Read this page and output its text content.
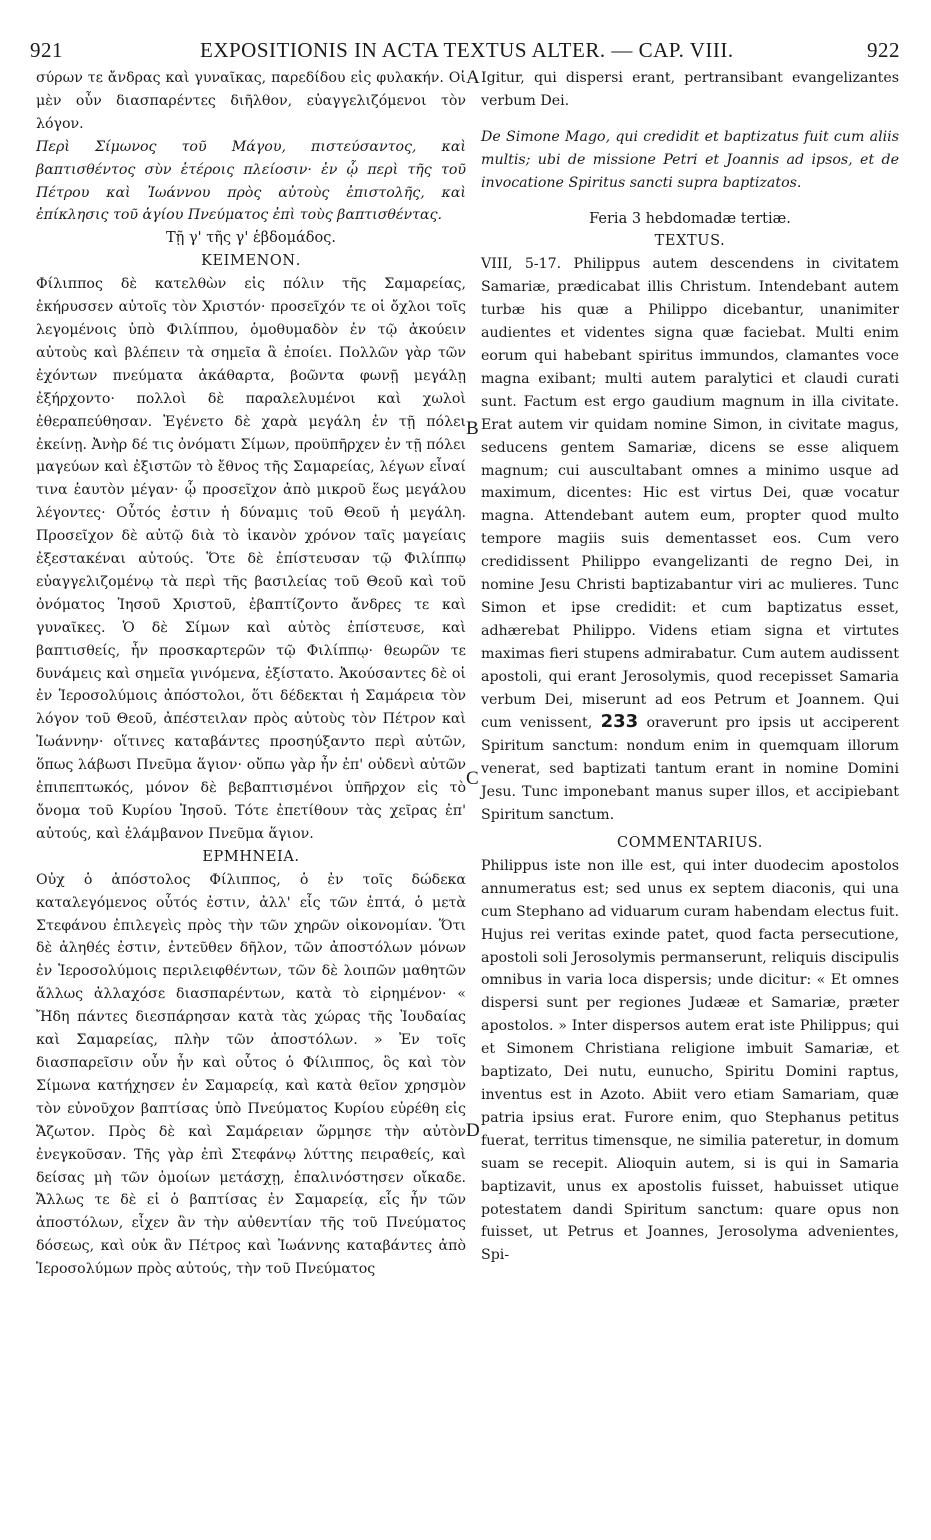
921	EXPOSITIONIS IN ACTA TEXTUS ALTER. — CAP. VIII.	922
A
B
C
D

σύρων τε ἄνδρας καὶ γυναῖκας, παρεδίδου εἰς φυλακήν. Οἱ μὲν οὖν διασπαρέντες διῆλθον, εὐαγγελιζόμενοι τὸν λόγον.

Περὶ Σίμωνος τοῦ Μάγου, πιστεύσαντος, καὶ βαπτισθέντος σὺν ἑτέροις πλείοσιν· ἐν ᾧ περὶ τῆς τοῦ Πέτρου καὶ Ἰωάννου πρὸς αὐτοὺς ἐπιστολῆς, καὶ ἐπίκλησις τοῦ ἁγίου Πνεύματος ἐπὶ τοὺς βαπτισθέντας.

Τῇ γ' τῆς γ' ἑβδομάδος.

ΚΕΙΜΕΝΟΝ.

Φίλιππος δὲ κατελθὼν εἰς πόλιν τῆς Σαμαρείας, ἐκήρυσσεν αὐτοῖς τὸν Χριστόν· προσεῖχόν τε οἱ ὄχλοι τοῖς λεγομένοις ὑπὸ Φιλίππου, ὁμοθυμαδὸν ἐν τῷ ἀκούειν αὐτοὺς καὶ βλέπειν τὰ σημεῖα ἃ ἐποίει. Πολλῶν γὰρ τῶν ἐχόντων πνεύματα ἀκάθαρτα, βοῶντα φωνῇ μεγάλῃ ἐξήρχοντο· πολλοὶ δὲ παραλελυμένοι καὶ χωλοὶ ἐθεραπεύθησαν. Ἐγένετο δὲ χαρὰ μεγάλη ἐν τῇ πόλει ἐκείνῃ. Ἀνὴρ δέ τις ὀνόματι Σίμων, προϋπῆρχεν ἐν τῇ πόλει μαγεύων καὶ ἐξιστῶν τὸ ἔθνος τῆς Σαμαρείας, λέγων εἶναί τινα ἑαυτὸν μέγαν· ᾧ προσεῖχον ἀπὸ μικροῦ ἕως μεγάλου λέγοντες· Οὗτός ἐστιν ἡ δύναμις τοῦ Θεοῦ ἡ μεγάλη. Προσεῖχον δὲ αὐτῷ διὰ τὸ ἱκανὸν χρόνον ταῖς μαγείαις ἐξεστακέναι αὐτούς. Ὅτε δὲ ἐπίστευσαν τῷ Φιλίππῳ εὐαγγελιζομένῳ τὰ περὶ τῆς βασιλείας τοῦ Θεοῦ καὶ τοῦ ὀνόματος Ἰησοῦ Χριστοῦ, ἐβαπτίζοντο ἄνδρες τε καὶ γυναῖκες. Ὁ δὲ Σίμων καὶ αὐτὸς ἐπίστευσε, καὶ βαπτισθείς, ἦν προσκαρτερῶν τῷ Φιλίππῳ· θεωρῶν τε δυνάμεις καὶ σημεῖα γινόμενα, ἐξίστατο. Ἀκούσαντες δὲ οἱ ἐν Ἱεροσολύμοις ἀπόστολοι, ὅτι δέδεκται ἡ Σαμάρεια τὸν λόγον τοῦ Θεοῦ, ἀπέστειλαν πρὸς αὐτοὺς τὸν Πέτρον καὶ Ἰωάννην· οἵτινες καταβάντες προσηύξαντο περὶ αὐτῶν, ὅπως λάβωσι Πνεῦμα ἅγιον· οὔπω γὰρ ἦν ἐπ' οὐδενὶ αὐτῶν ἐπιπεπτωκός, μόνον δὲ βεβαπτισμένοι ὑπῆρχον εἰς τὸ ὄνομα τοῦ Κυρίου Ἰησοῦ. Τότε ἐπετίθουν τὰς χεῖρας ἐπ' αὐτούς, καὶ ἐλάμβανον Πνεῦμα ἅγιον.

ΕΡΜΗΝΕΙΑ.

Οὐχ ὁ ἀπόστολος Φίλιππος, ὁ ἐν τοῖς δώδεκα καταλεγόμενος οὗτός ἐστιν, ἀλλ' εἷς τῶν ἑπτά, ὁ μετὰ Στεφάνου ἐπιλεγεὶς πρὸς τὴν τῶν χηρῶν οἰκονομίαν. Ὅτι δὲ ἀληθές ἐστιν, ἐντεῦθεν δῆλον, τῶν ἀποστόλων μόνων ἐν Ἱεροσολύμοις περιλειφθέντων, τῶν δὲ λοιπῶν μαθητῶν ἄλλως ἀλλαχόσε διασπαρέντων, κατὰ τὸ εἰρημένον· « Ἤδη πάντες διεσπάρησαν κατὰ τὰς χώρας τῆς Ἰουδαίας καὶ Σαμαρείας, πλὴν τῶν ἀποστόλων. » Ἐν τοῖς διασπαρεῖσιν οὖν ἦν καὶ οὗτος ὁ Φίλιππος, ὃς καὶ τὸν Σίμωνα κατήχησεν ἐν Σαμαρείᾳ, καὶ κατὰ θεῖον χρησμὸν τὸν εὐνοῦχον βαπτίσας ὑπὸ Πνεύματος Κυρίου εὑρέθη εἰς Ἄζωτον. Πρὸς δὲ καὶ Σαμάρειαν ὥρμησε τὴν αὐτὸν ἐνεγκοῦσαν. Τῆς γὰρ ἐπὶ Στεφάνῳ λύττης πειραθείς, καὶ δείσας μὴ τῶν ὁμοίων μετάσχῃ, ἐπαλινόστησεν οἴκαδε. Ἄλλως τε δὲ εἰ ὁ βαπτίσας ἐν Σαμαρείᾳ, εἷς ἦν τῶν ἀποστόλων, εἶχεν ἂν τὴν αὐθεντίαν τῆς τοῦ Πνεύματος δόσεως, καὶ οὐκ ἂν Πέτρος καὶ Ἰωάννης καταβάντες ἀπὸ Ἱεροσολύμων πρὸς αὐτούς, τὴν τοῦ Πνεύματος

Igitur, qui dispersi erant, pertransibant evangelizantes verbum Dei.

De Simone Mago, qui credidit et baptizatus fuit cum aliis multis; ubi de missione Petri et Joannis ad ipsos, et de invocatione Spiritus sancti supra baptizatos.

Feria 3 hebdomadæ tertiæ.

TEXTUS.

VIII, 5-17. Philippus autem descendens in civitatem Samariæ, prædicabat illis Christum. Intendebant autem turbæ his quæ a Philippo dicebantur, unanimiter audientes et videntes signa quæ faciebat. Multi enim eorum qui habebant spiritus immundos, clamantes voce magna exibant; multi autem paralytici et claudi curati sunt. Factum est ergo gaudium magnum in illa civitate. Erat autem vir quidam nomine Simon, in civitate magus, seducens gentem Samariæ, dicens se esse aliquem magnum; cui auscultabant omnes a minimo usque ad maximum, dicentes: Hic est virtus Dei, quæ vocatur magna. Attendebant autem eum, propter quod multo tempore magiis suis dementasset eos. Cum vero credidissent Philippo evangelizanti de regno Dei, in nomine Jesu Christi baptizabantur viri ac mulieres. Tunc Simon et ipse credidit: et cum baptizatus esset, adhærebat Philippo. Videns etiam signa et virtutes maximas fieri stupens admirabatur. Cum autem audissent apostoli, qui erant Jerosolymis, quod recepisset Samaria verbum Dei, miserunt ad eos Petrum et Joannem. Qui cum venissent, 233 oraverunt pro ipsis ut acciperent Spiritum sanctum: nondum enim in quemquam illorum venerat, sed baptizati tantum erant in nomine Domini Jesu. Tunc imponebant manus super illos, et accipiebant Spiritum sanctum.

COMMENTARIUS.

Philippus iste non ille est, qui inter duodecim apostolos annumeratus est; sed unus ex septem diaconis, qui una cum Stephano ad viduarum curam habendam electus fuit. Hujus rei veritas exinde patet, quod facta persecutione, apostoli soli Jerosolymis permanserunt, reliquis discipulis omnibus in varia loca dispersis; unde dicitur: « Et omnes dispersi sunt per regiones Judææ et Samariæ, præter apostolos. » Inter dispersos autem erat iste Philippus; qui et Simonem Christiana religione imbuit Samariæ, et baptizato, Dei nutu, eunucho, Spiritu Domini raptus, inventus est in Azoto. Abiit vero etiam Samariam, quæ patria ipsius erat. Furore enim, quo Stephanus petitus fuerat, territus timensque, ne similia pateretur, in domum suam se recepit. Alioquin autem, si is qui in Samaria baptizavit, unus ex apostolis fuisset, habuisset utique potestatem dandi Spiritum sanctum: quare opus non fuisset, ut Petrus et Joannes, Jerosolyma advenientes, Spi-
